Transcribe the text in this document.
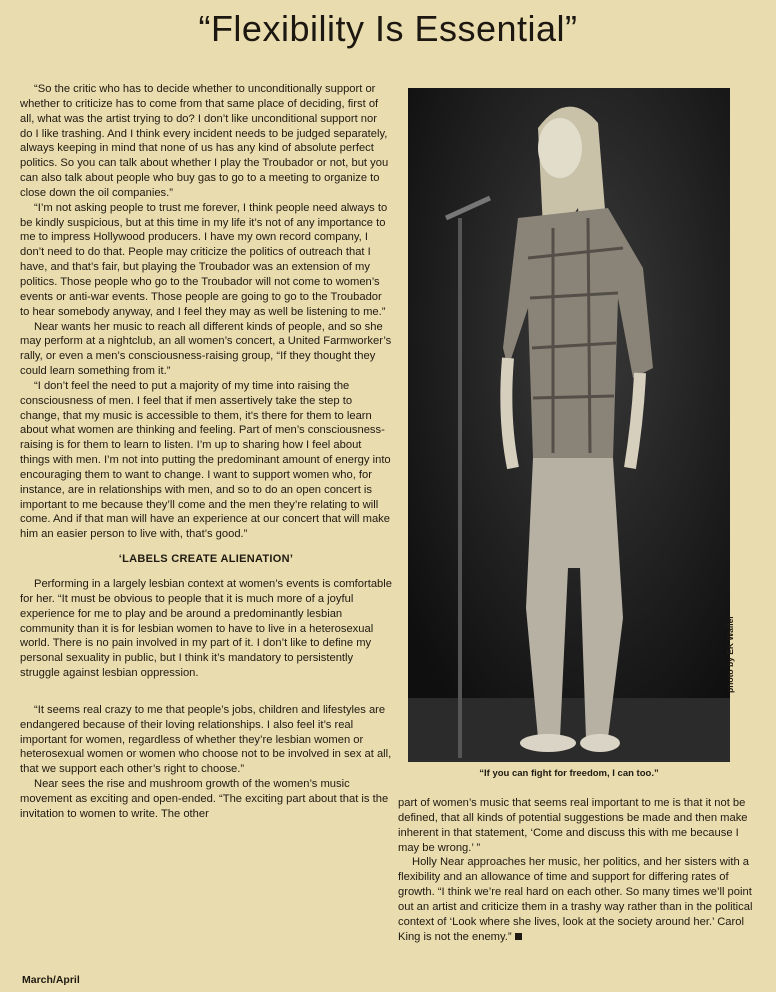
“Flexibility Is Essential”

“So the critic who has to decide whether to unconditionally support or whether to criticize has to come from that same place of deciding, first of all, what was the artist trying to do? I don’t like unconditional support nor do I like trashing. And I think every incident needs to be judged separately, always keeping in mind that none of us has any kind of absolute perfect politics. So you can talk about whether I play the Troubador or not, but you can also talk about people who buy gas to go to a meeting to organize to close down the oil companies.”

“I’m not asking people to trust me forever, I think people need always to be kindly suspicious, but at this time in my life it’s not of any importance to me to impress Hollywood producers. I have my own record company, I don’t need to do that. People may criticize the politics of outreach that I have, and that’s fair, but playing the Troubador was an extension of my politics. Those people who go to the Troubador will not come to women’s events or anti-war events. Those people are going to go to the Troubador to hear somebody anyway, and I feel they may as well be listening to me.”

Near wants her music to reach all different kinds of people, and so she may perform at a nightclub, an all women’s concert, a United Farmworker’s rally, or even a men’s consciousness-raising group, “If they thought they could learn something from it.”

“I don’t feel the need to put a majority of my time into raising the consciousness of men. I feel that if men assertively take the step to change, that my music is accessible to them, it’s there for them to learn about what women are thinking and feeling. Part of men’s consciousness-raising is for them to learn to listen. I’m up to sharing how I feel about things with men. I’m not into putting the predominant amount of energy into encouraging them to want to change. I want to support women who, for instance, are in relationships with men, and so to do an open concert is important to me because they’ll come and the men they’re relating to will come. And if that man will have an experience at our concert that will make him an easier person to live with, that’s good.”

‘LABELS CREATE ALIENATION’

Performing in a largely lesbian context at women’s events is comfortable for her. “It must be obvious to people that it is much more of a joyful experience for me to play and be around a predominantly lesbian community than it is for lesbian women to have to live in a heterosexual world. There is no pain involved in my part of it. I don’t like to define my personal sexuality in public, but I think it’s mandatory to persistently struggle against lesbian oppression.

“It seems real crazy to me that people’s jobs, children and lifestyles are endangered because of their loving relationships. I also feel it’s real important for women, regardless of whether they’re lesbian women or heterosexual women or women who choose not to be involved in sex at all, that we support each other’s right to choose.”

Near sees the rise and mushroom growth of the women’s music movement as exciting and open-ended. “The exciting part about that is the invitation to women to write. The other

photo by EK Waller
“If you can fight for freedom, I can too.”

part of women’s music that seems real important to me is that it not be defined, that all kinds of potential suggestions be made and then make inherent in that statement, ‘Come and discuss this with me because I may be wrong.’ ”

Holly Near approaches her music, her politics, and her sisters with a flexibility and an allowance of time and support for differing rates of growth. “I think we’re real hard on each other. So many times we’ll point out an artist and criticize them in a trashy way rather than in the political context of ‘Look where she lives, look at the society around her.’ Carol King is not the enemy.”

March/April
